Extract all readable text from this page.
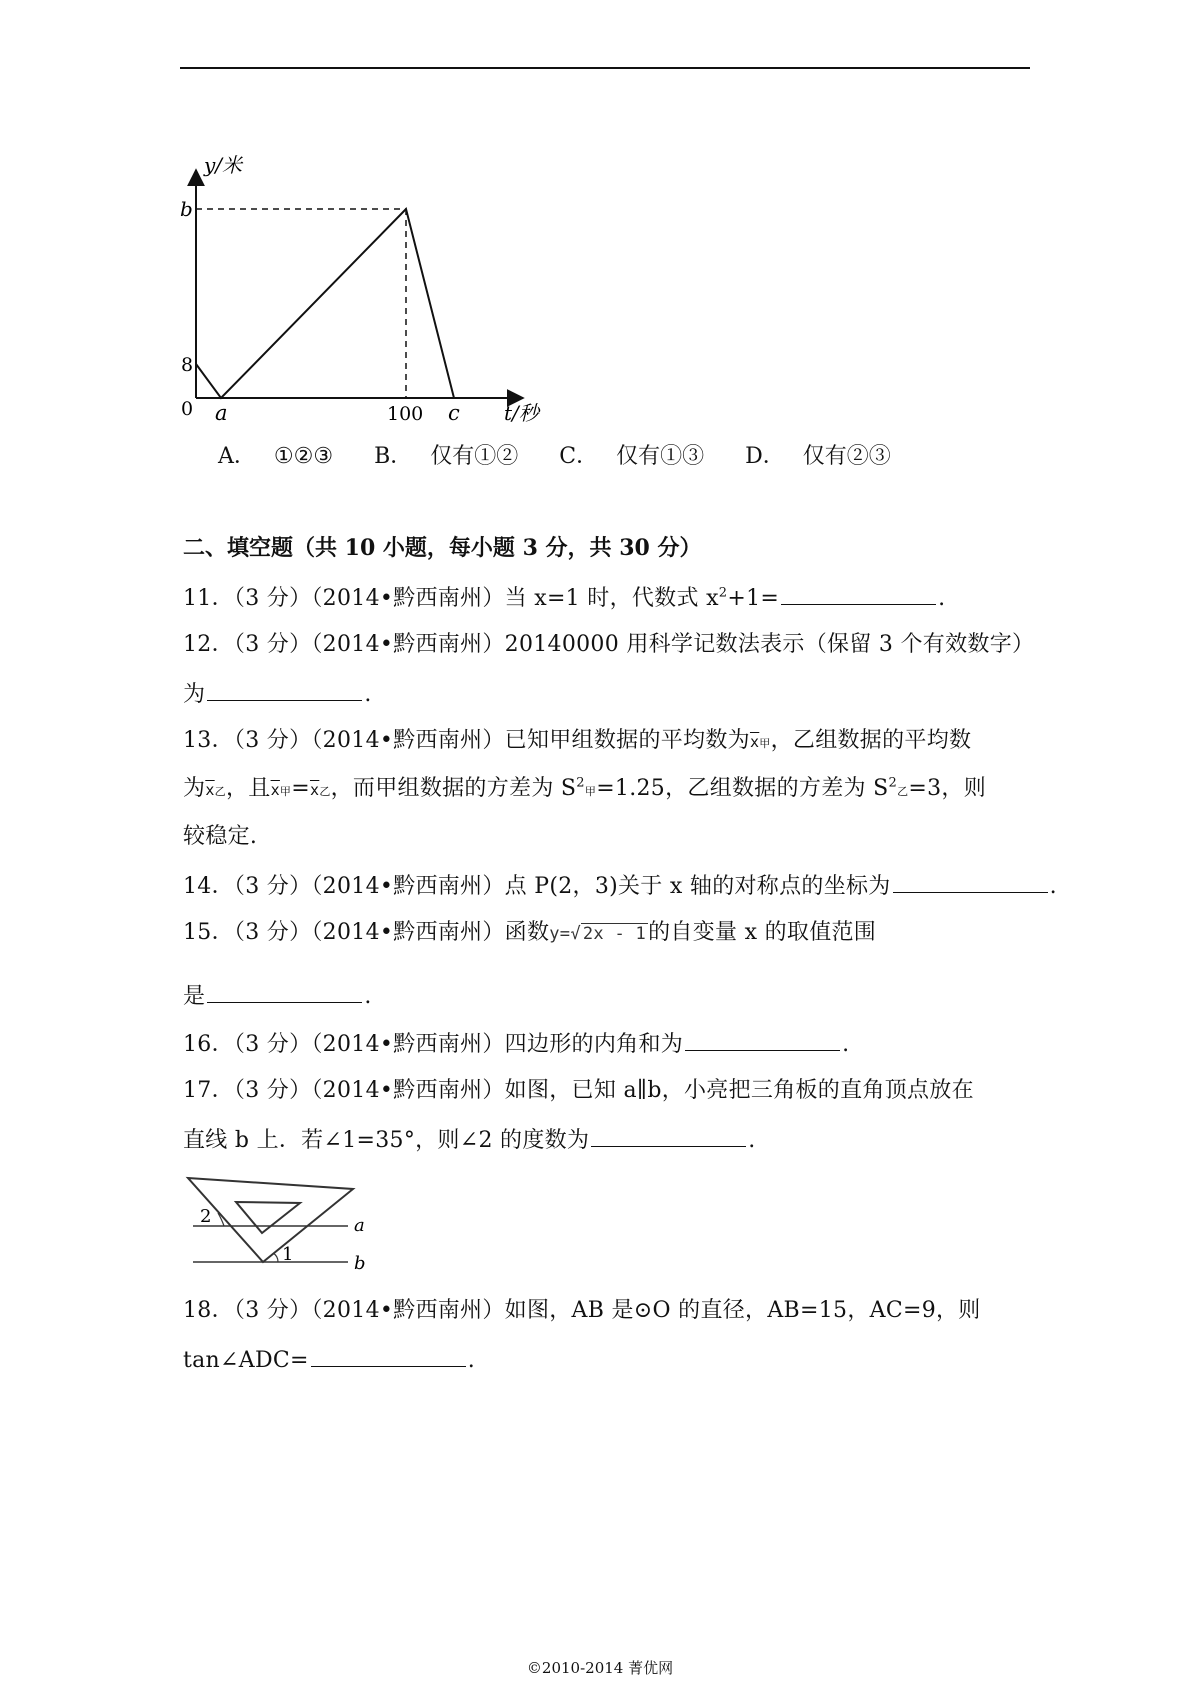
y/米
b
8
0 a	100 c t/秒
A． ①②③ B． 仅有①② C． 仅有①③ D． 仅有②③
二、填空题（共 10 小题，每小题 3 分，共 30 分）
11．（3 分）（2014•黔西南州）当 x=1 时，代数式 $x^2+1=$	.
12．（3 分）（2014•黔西南州）20140000 用科学记数法表示（保留 3 个有效数字）
为	.
13．（3 分）（2014•黔西南州）已知甲组数据的平均数为$\overline{x}$甲，乙组数据的平均数
为$\overline{x}$乙，且$\overline{x}$甲$=\overline{x}$乙，而甲组数据的方差为 $S^2$甲=1.25，乙组数据的方差为 $S^2$乙=3，则
较稳定.
14．（3 分）（2014•黔西南州）点 P(2，3)关于 x 轴的对称点的坐标为	.
15．（3 分）（2014•黔西南州）函数y=√ 2x - 1的自变量 x 的取值范围
是	.
16．（3 分）（2014•黔西南州）四边形的内角和为	.
17．（3 分）（2014•黔西南州）如图，已知 a∥b，小亮把三角板的直角顶点放在
直线 b 上．若∠1=35°，则∠2 的度数为	.
2
1
a
b
18．（3 分）（2014•黔西南州）如图，AB 是⊙O 的直径，AB=15，AC=9，则
tan∠ADC=	.
©2010-2014 菁优网
